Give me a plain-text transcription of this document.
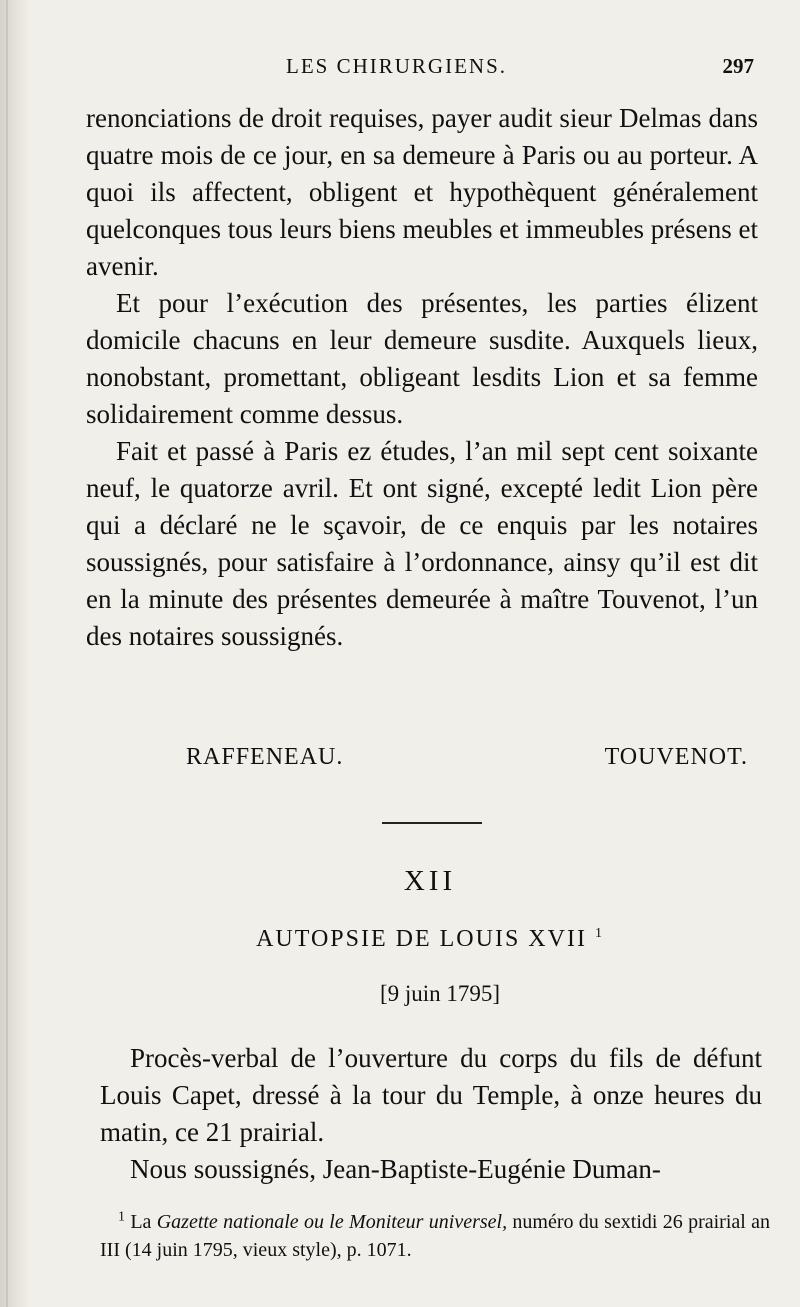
LES CHIRURGIENS.	297

renonciations de droit requises, payer audit sieur Delmas dans quatre mois de ce jour, en sa demeure à Paris ou au porteur. A quoi ils affectent, obligent et hypothèquent généralement quelconques tous leurs biens meubles et immeubles présens et avenir.

Et pour l’exécution des présentes, les parties élizent domicile chacuns en leur demeure susdite. Auxquels lieux, nonobstant, promettant, obligeant lesdits Lion et sa femme solidairement comme dessus.

Fait et passé à Paris ez études, l’an mil sept cent soixante neuf, le quatorze avril. Et ont signé, excepté ledit Lion père qui a déclaré ne le sçavoir, de ce enquis par les notaires soussignés, pour satisfaire à l’ordonnance, ainsy qu’il est dit en la minute des présentes demeurée à maître Touvenot, l’un des notaires soussignés.

RAFFENEAU.	TOUVENOT.
XII
AUTOPSIE DE LOUIS XVII $^1$
[9 juin 1795]

Procès-verbal de l’ouverture du corps du fils de défunt Louis Capet, dressé à la tour du Temple, à onze heures du matin, ce 21 prairial.

Nous soussignés, Jean-Baptiste-Eugénie Duman-

$^1$ La Gazette nationale ou le Moniteur universel, numéro du sextidi 26 prairial an III (14 juin 1795, vieux style), p. 1071.
